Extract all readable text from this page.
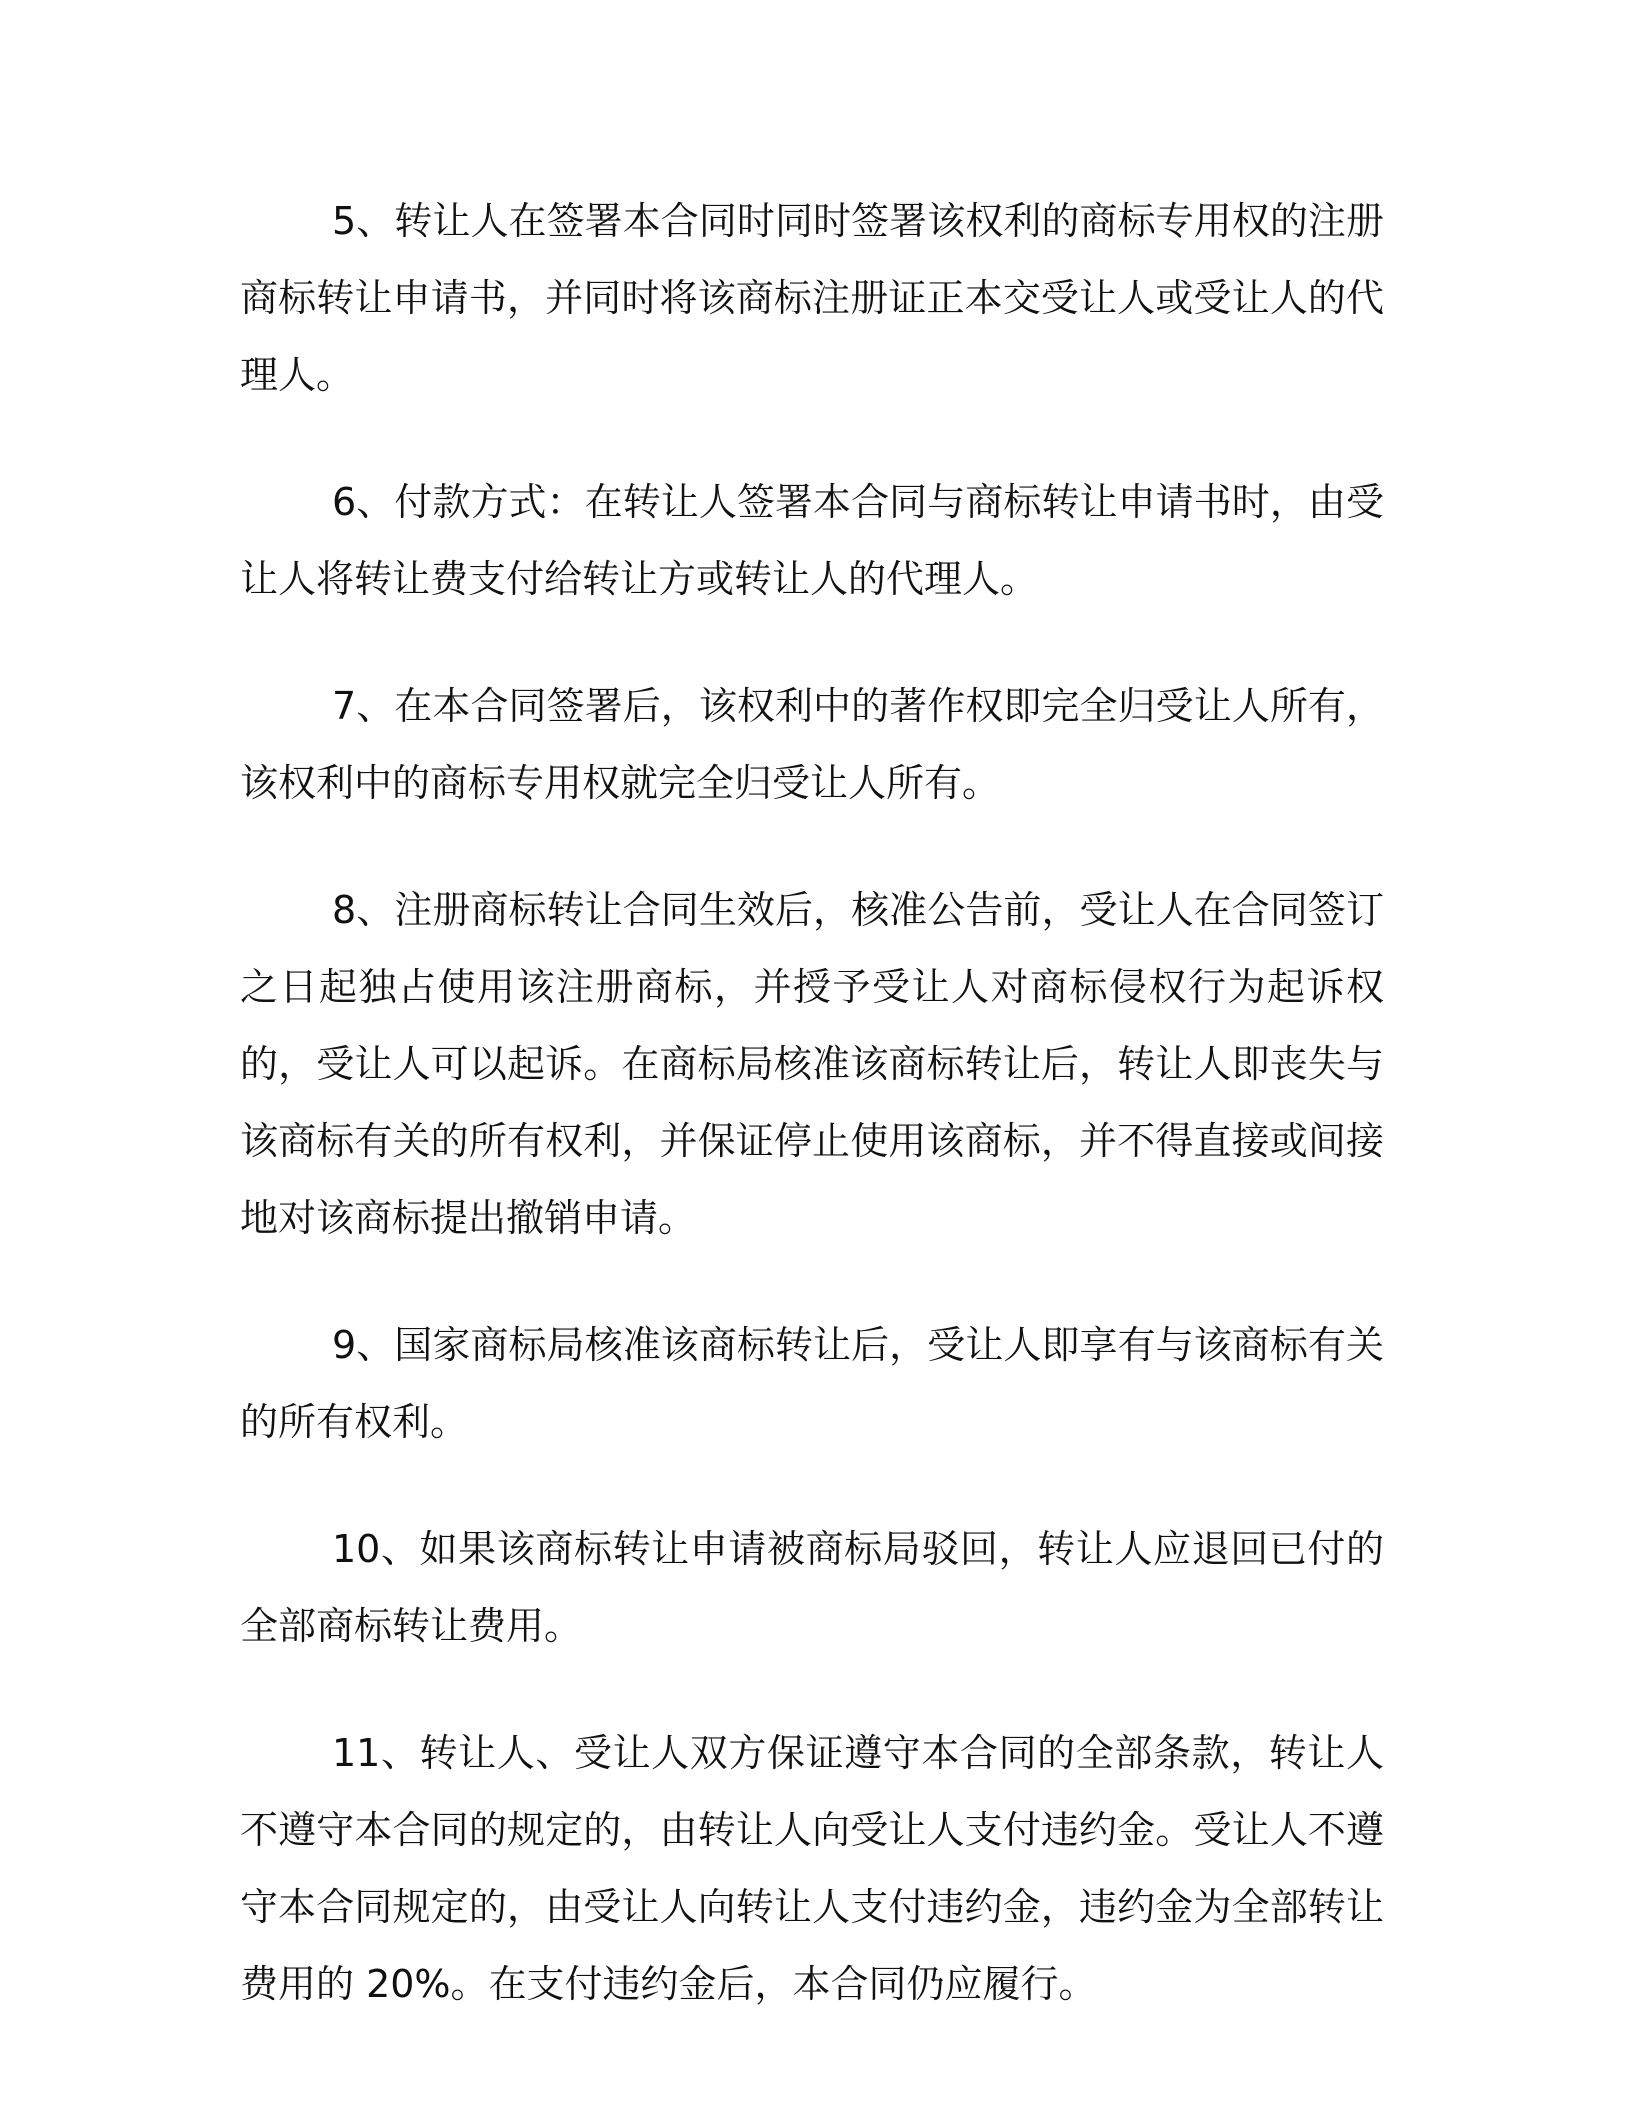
5、转让人在签署本合同时同时签署该权利的商标专用权的注册商标转让申请书，并同时将该商标注册证正本交受让人或受让人的代理人。

6、付款方式：在转让人签署本合同与商标转让申请书时，由受让人将转让费支付给转让方或转让人的代理人。

7、在本合同签署后，该权利中的著作权即完全归受让人所有，该权利中的商标专用权就完全归受让人所有。

8、注册商标转让合同生效后，核准公告前，受让人在合同签订之日起独占使用该注册商标，并授予受让人对商标侵权行为起诉权的，受让人可以起诉。在商标局核准该商标转让后，转让人即丧失与该商标有关的所有权利，并保证停止使用该商标，并不得直接或间接地对该商标提出撤销申请。

9、国家商标局核准该商标转让后，受让人即享有与该商标有关的所有权利。

10、如果该商标转让申请被商标局驳回，转让人应退回已付的全部商标转让费用。

11、转让人、受让人双方保证遵守本合同的全部条款，转让人不遵守本合同的规定的，由转让人向受让人支付违约金。受让人不遵守本合同规定的，由受让人向转让人支付违约金，违约金为全部转让费用的 20%。在支付违约金后，本合同仍应履行。
